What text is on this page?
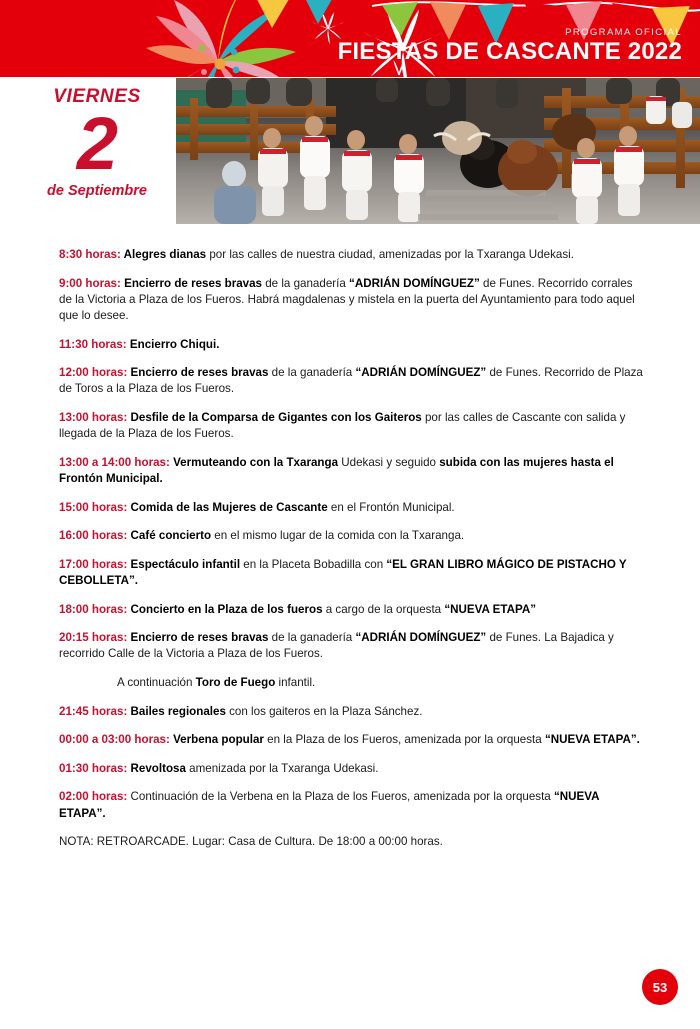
PROGRAMA OFICIAL
FIESTAS DE CASCANTE 2022
VIERNES
2
de Septiembre
8:30 horas: Alegres dianas por las calles de nuestra ciudad, amenizadas por la Txaranga Udekasi.
9:00 horas: Encierro de reses bravas de la ganadería “ADRIÁN DOMÍNGUEZ” de Funes. Recorrido corrales de la Victoria a Plaza de los Fueros. Habrá magdalenas y mistela en la puerta del Ayuntamiento para todo aquel que lo desee.
11:30 horas: Encierro Chiqui.
12:00 horas: Encierro de reses bravas de la ganadería “ADRIÁN DOMÍNGUEZ” de Funes. Recorrido de Plaza de Toros a la Plaza de los Fueros.
13:00 horas: Desfile de la Comparsa de Gigantes con los Gaiteros por las calles de Cascante con salida y llegada de la Plaza de los Fueros.
13:00 a 14:00 horas: Vermuteando con la Txaranga Udekasi y seguido subida con las mujeres hasta el Frontón Municipal.
15:00 horas: Comida de las Mujeres de Cascante en el Frontón Municipal.
16:00 horas: Café concierto en el mismo lugar de la comida con la Txaranga.
17:00 horas: Espectáculo infantil en la Placeta Bobadilla con “EL GRAN LIBRO MÁGICO DE PISTACHO Y CEBOLLETA”.
18:00 horas: Concierto en la Plaza de los fueros a cargo de la orquesta “NUEVA ETAPA”
20:15 horas: Encierro de reses bravas de la ganadería “ADRIÁN DOMÍNGUEZ” de Funes. La Bajadica y recorrido Calle de la Victoria a Plaza de los Fueros.
A continuación Toro de Fuego infantil.
21:45 horas: Bailes regionales con los gaiteros en la Plaza Sánchez.
00:00 a 03:00 horas: Verbena popular en la Plaza de los Fueros, amenizada por la orquesta “NUEVA ETAPA”.
01:30 horas: Revoltosa amenizada por la Txaranga Udekasi.
02:00 horas: Continuación de la Verbena en la Plaza de los Fueros, amenizada por la orquesta “NUEVA ETAPA”.
NOTA: RETROARCADE. Lugar: Casa de Cultura. De 18:00 a 00:00 horas.
53
